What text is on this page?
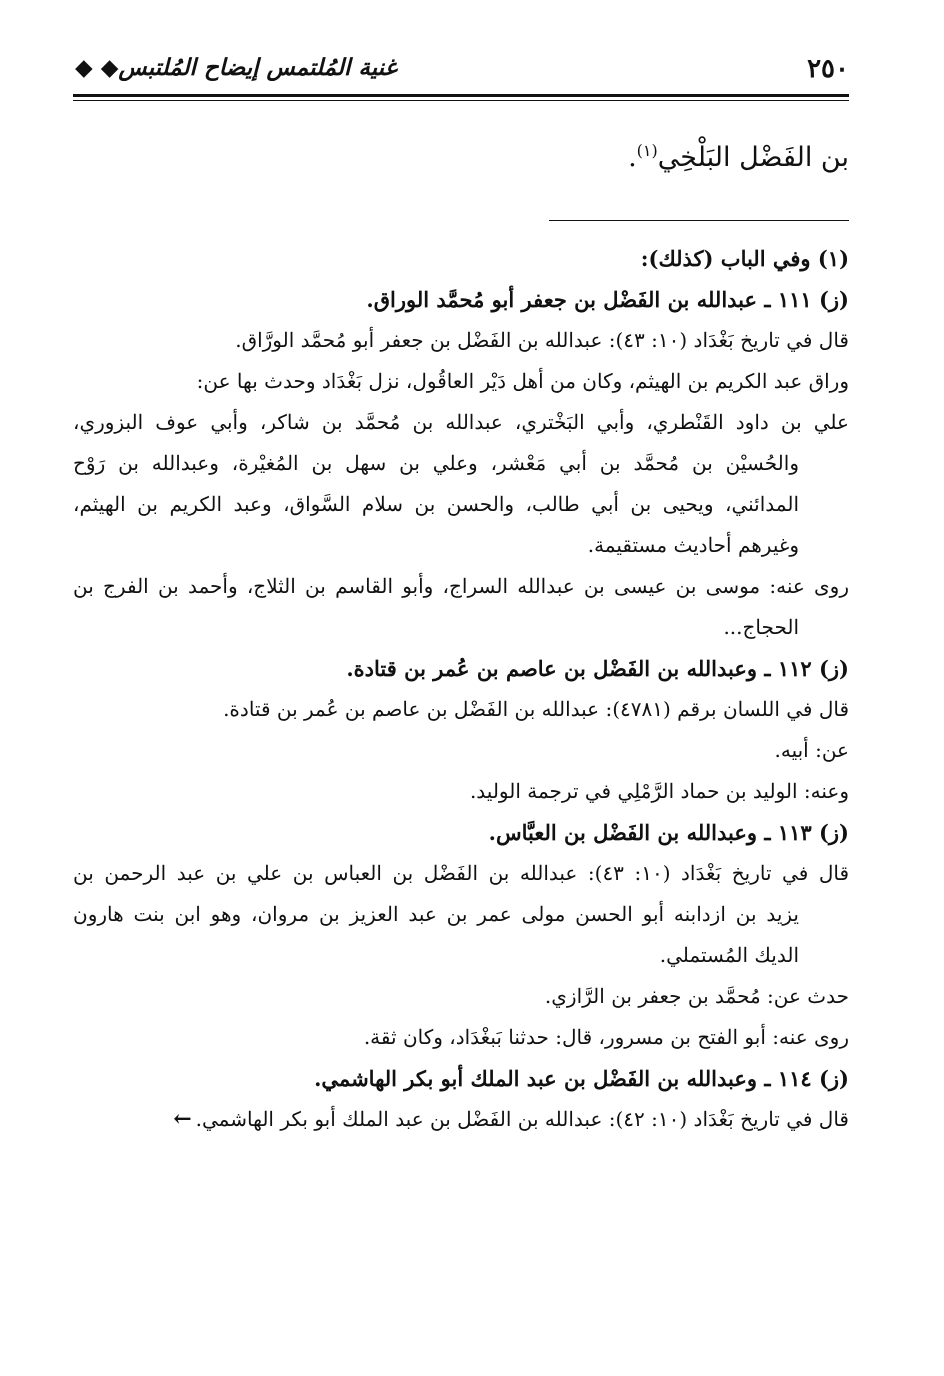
٢٥٠
غنية المُلتمس إيضاح المُلتبس◆ ◆
بن الفَضْل البَلْخِي$^{(١)}$.
(١) وفي الباب (كذلك):
(ز) ١١١ ـ عبدالله بن الفَضْل بن جعفر أبو مُحمَّد الوراق.
قال في تاريخ بَغْدَاد (١٠: ٤٣): عبدالله بن الفَضْل بن جعفر أبو مُحمَّد الورَّاق.
وراق عبد الكريم بن الهيثم، وكان من أهل دَيْر العاقُول، نزل بَغْدَاد وحدث بها عن:
علي بن داود القَنْطري، وأبي البَخْتري، عبدالله بن مُحمَّد بن شاكر، وأبي عوف البزوري،
والحُسيْن بن مُحمَّد بن أبي مَعْشر، وعلي بن سهل بن المُغيْرة، وعبدالله بن رَوْح
المدائني، ويحيى بن أبي طالب، والحسن بن سلام السَّواق، وعبد الكريم بن الهيثم،
وغيرهم أحاديث مستقيمة.
روى عنه: موسى بن عيسى بن عبدالله السراج، وأبو القاسم بن الثلاج، وأحمد بن الفرج بن
الحجاج...
(ز) ١١٢ ـ وعبدالله بن الفَضْل بن عاصم بن عُمر بن قتادة.
قال في اللسان برقم (٤٧٨١): عبدالله بن الفَضْل بن عاصم بن عُمر بن قتادة.
عن: أبيه.
وعنه: الوليد بن حماد الرَّمْلِي في ترجمة الوليد.
(ز) ١١٣ ـ وعبدالله بن الفَضْل بن العبَّاس.
قال في تاريخ بَغْدَاد (١٠: ٤٣): عبدالله بن الفَضْل بن العباس بن علي بن عبد الرحمن بن
يزيد بن ازدابنه أبو الحسن مولى عمر بن عبد العزيز بن مروان، وهو ابن بنت هارون
الديك المُستملي.
حدث عن: مُحمَّد بن جعفر بن الرَّازي.
روى عنه: أبو الفتح بن مسرور، قال: حدثنا بَبغْدَاد، وكان ثقة.
(ز) ١١٤ ـ وعبدالله بن الفَضْل بن عبد الملك أبو بكر الهاشمي.
قال في تاريخ بَغْدَاد (١٠: ٤٢): عبدالله بن الفَضْل بن عبد الملك أبو بكر الهاشمي.←
